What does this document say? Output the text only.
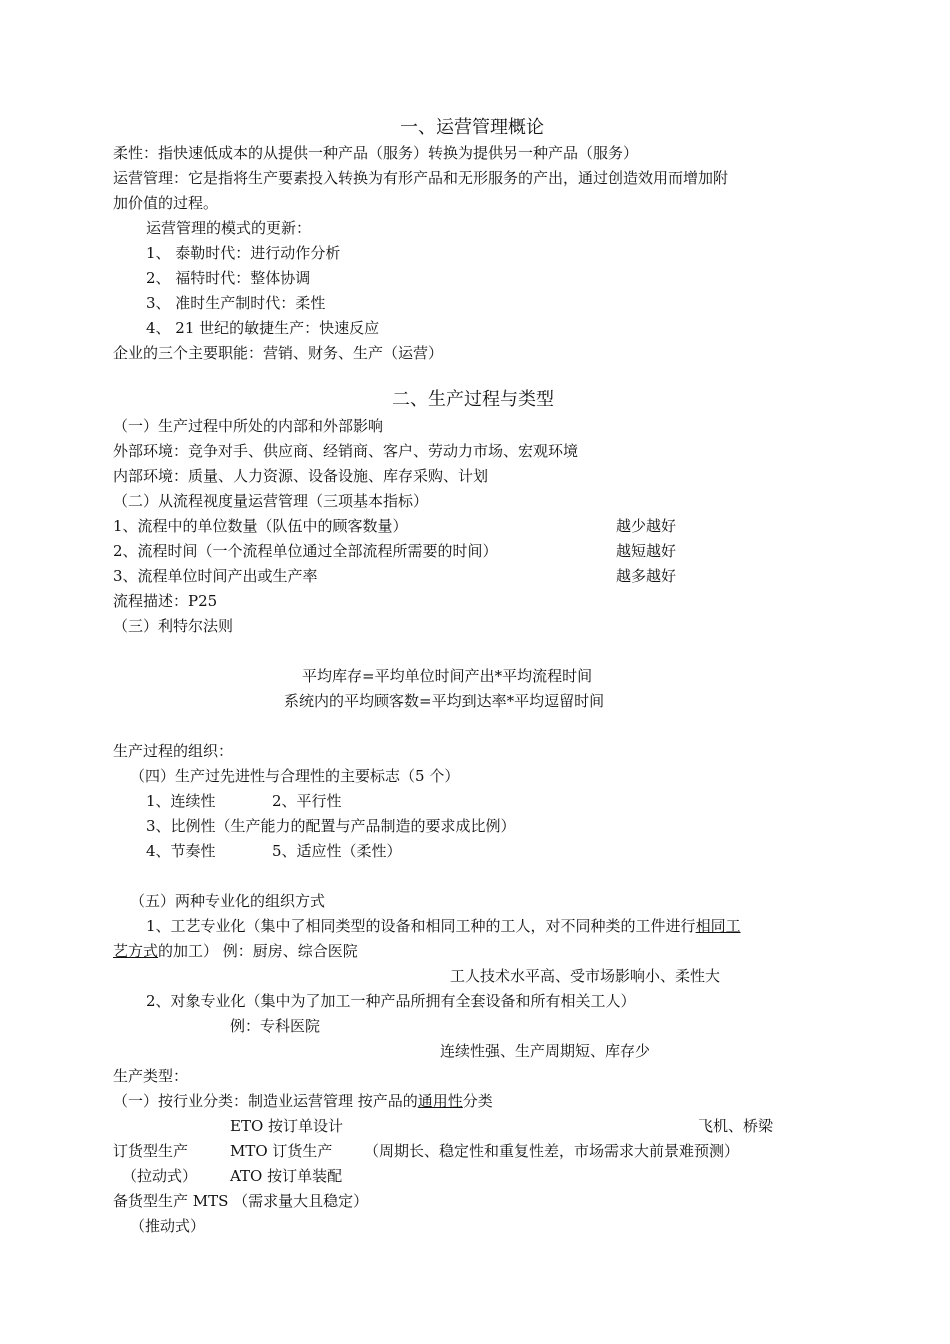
一、运营管理概论
柔性：指快速低成本的从提供一种产品（服务）转换为提供另一种产品（服务）
运营管理：它是指将生产要素投入转换为有形产品和无形服务的产出，通过创造效用而增加附
加价值的过程。
运营管理的模式的更新：
1、 泰勒时代：进行动作分析
2、 福特时代：整体协调
3、 准时生产制时代：柔性
4、 21 世纪的敏捷生产：快速反应
企业的三个主要职能：营销、财务、生产（运营）
二、生产过程与类型
（一）生产过程中所处的内部和外部影响
外部环境：竞争对手、供应商、经销商、客户、劳动力市场、宏观环境
内部环境：质量、人力资源、设备设施、库存采购、计划
（二）从流程视度量运营管理（三项基本指标）
1、流程中的单位数量（队伍中的顾客数量）	越少越好
2、流程时间（一个流程单位通过全部流程所需要的时间）	越短越好
3、流程单位时间产出或生产率	越多越好
流程描述：P25
（三）利特尔法则
平均库存=平均单位时间产出*平均流程时间
系统内的平均顾客数=平均到达率*平均逗留时间
生产过程的组织：
（四）生产过先进性与合理性的主要标志（5 个）
1、连续性	2、平行性
3、比例性（生产能力的配置与产品制造的要求成比例）
4、节奏性	5、适应性（柔性）
（五）两种专业化的组织方式
1、工艺专业化（集中了相同类型的设备和相同工种的工人，对不同种类的工件进行相同工
艺方式的加工） 例：厨房、综合医院
工人技术水平高、受市场影响小、柔性大
2、对象专业化（集中为了加工一种产品所拥有全套设备和所有相关工人）
例：专科医院
连续性强、生产周期短、库存少
生产类型：
（一）按行业分类：制造业运营管理 按产品的通用性分类
ETO 按订单设计	飞机、桥梁
订货型生产	MTO 订货生产 （周期长、稳定性和重复性差，市场需求大前景难预测）
（拉动式） ATO 按订单装配
备货型生产 MTS （需求量大且稳定）
（推动式）
